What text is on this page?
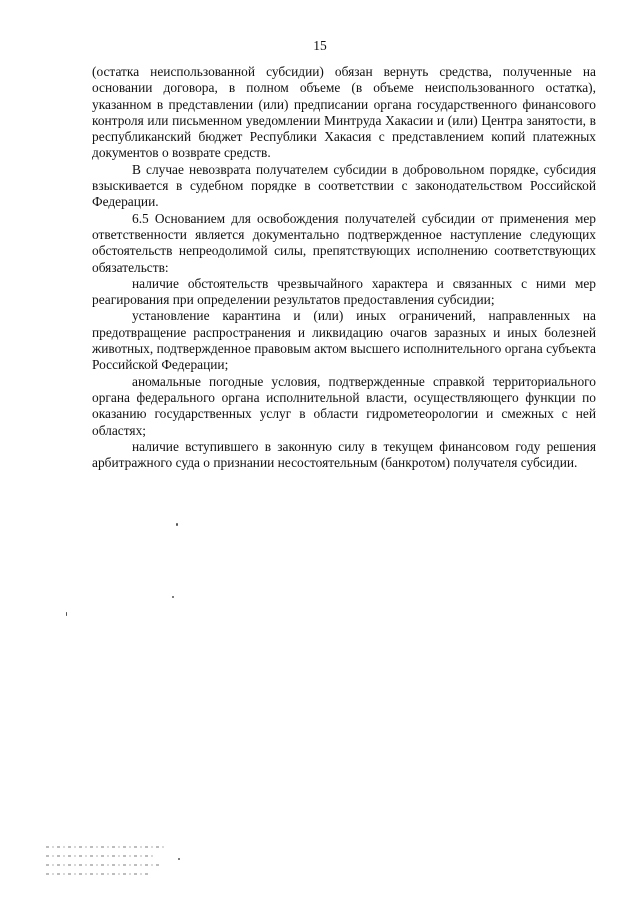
15

(остатка неиспользованной субсидии) обязан вернуть средства, полученные на основании договора, в полном объеме (в объеме неиспользованного остатка), указанном в представлении (или) предписании органа государственного финансового контроля или письменном уведомлении Минтруда Хакасии и (или) Центра занятости, в республиканский бюджет Республики Хакасия с представлением копий платежных документов о возврате средств.

В случае невозврата получателем субсидии в добровольном порядке, субсидия взыскивается в судебном порядке в соответствии с законодательством Российской Федерации.

6.5 Основанием для освобождения получателей субсидии от применения мер ответственности является документально подтвержденное наступление следующих обстоятельств непреодолимой силы, препятствующих исполнению соответствующих обязательств:

наличие обстоятельств чрезвычайного характера и связанных с ними мер реагирования при определении результатов предоставления субсидии;

установление карантина и (или) иных ограничений, направленных на предотвращение распространения и ликвидацию очагов заразных и иных болезней животных, подтвержденное правовым актом высшего исполнительного органа субъекта Российской Федерации;

аномальные погодные условия, подтвержденные справкой территориального органа федерального органа исполнительной власти, осуществляющего функции по оказанию государственных услуг в области гидрометеорологии и смежных с ней областях;

наличие вступившего в законную силу в текущем финансовом году решения арбитражного суда о признании несостоятельным (банкротом) получателя субсидии.
